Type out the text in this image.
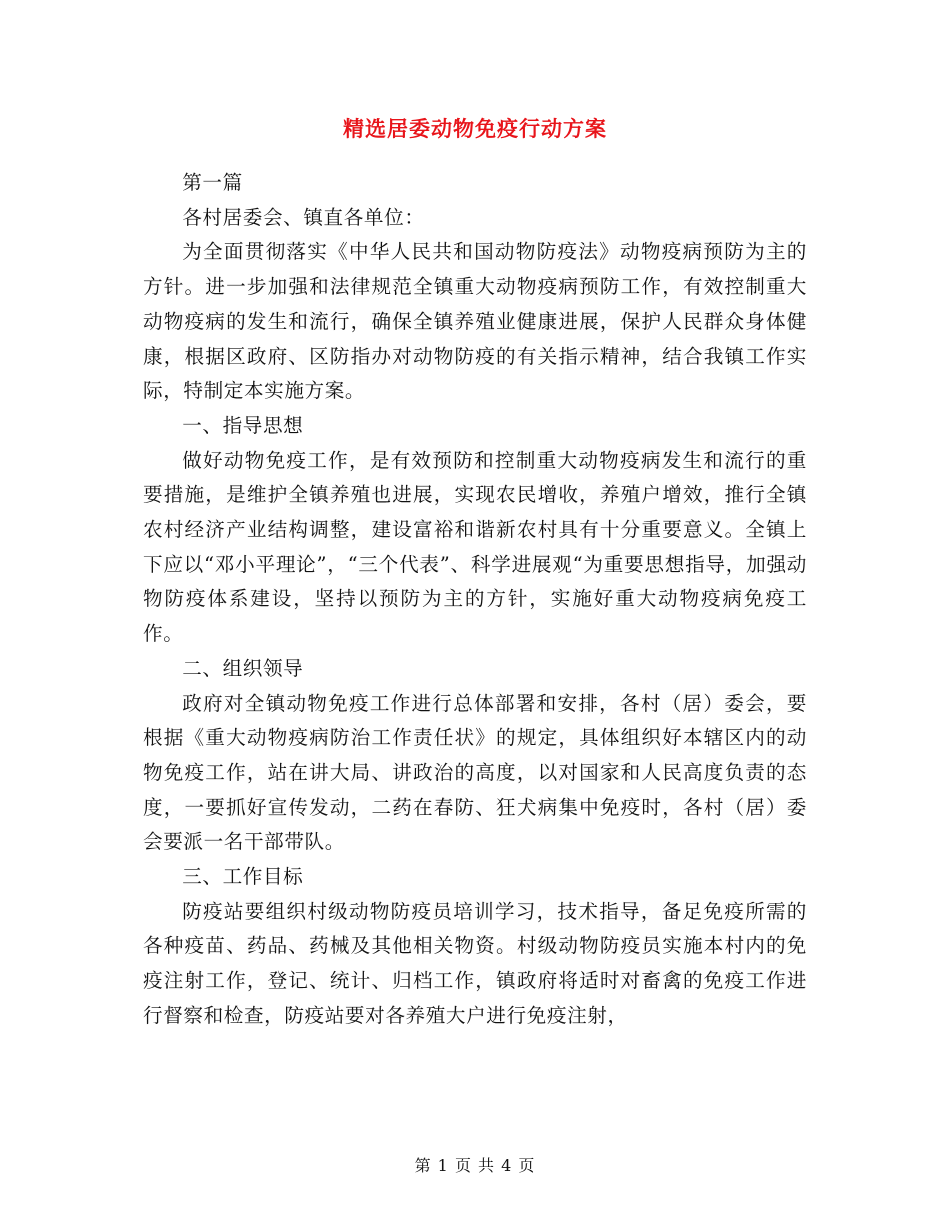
精选居委动物免疫行动方案

第一篇

各村居委会、镇直各单位：

为全面贯彻落实《中华人民共和国动物防疫法》动物疫病预防为主的方针。进一步加强和法律规范全镇重大动物疫病预防工作，有效控制重大动物疫病的发生和流行，确保全镇养殖业健康进展，保护人民群众身体健康，根据区政府、区防指办对动物防疫的有关指示精神，结合我镇工作实际，特制定本实施方案。

一、指导思想

做好动物免疫工作，是有效预防和控制重大动物疫病发生和流行的重要措施，是维护全镇养殖也进展，实现农民增收，养殖户增效，推行全镇农村经济产业结构调整，建设富裕和谐新农村具有十分重要意义。全镇上下应以“邓小平理论”，“三个代表”、科学进展观“为重要思想指导，加强动物防疫体系建设，坚持以预防为主的方针，实施好重大动物疫病免疫工作。

二、组织领导

政府对全镇动物免疫工作进行总体部署和安排，各村（居）委会，要根据《重大动物疫病防治工作责任状》的规定，具体组织好本辖区内的动物免疫工作，站在讲大局、讲政治的高度，以对国家和人民高度负责的态度，一要抓好宣传发动，二药在春防、狂犬病集中免疫时，各村（居）委会要派一名干部带队。

三、工作目标

防疫站要组织村级动物防疫员培训学习，技术指导，备足免疫所需的各种疫苗、药品、药械及其他相关物资。村级动物防疫员实施本村内的免疫注射工作，登记、统计、归档工作，镇政府将适时对畜禽的免疫工作进行督察和检查，防疫站要对各养殖大户进行免疫注射，

第 1 页 共 4 页
